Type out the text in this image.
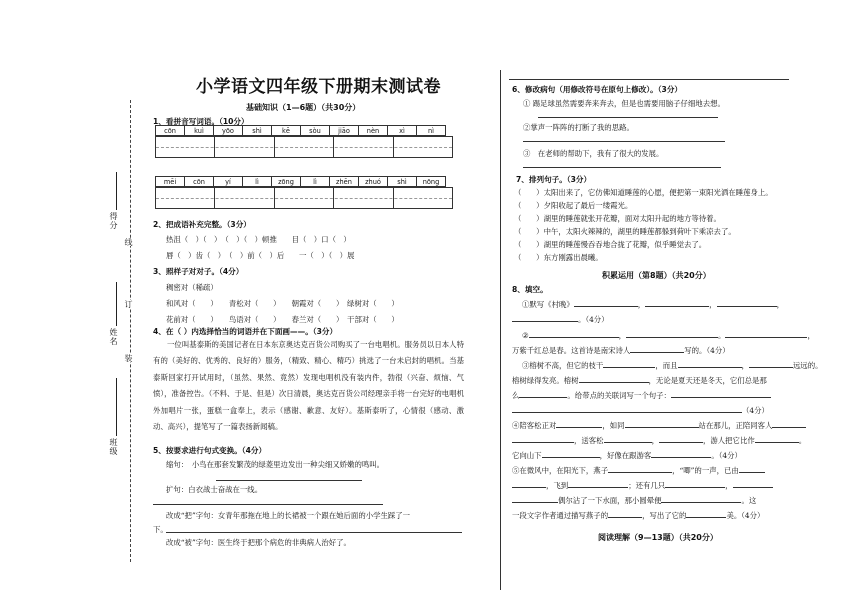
得分
姓名
班级
线
订
装
小学语文四年级下册期末测试卷
基础知识（1—6题）（共30分）
1、看拼音写词语。（10分）
cōn	kuì	yōo	shì	kē	sòu	jiāo	nèn	xì	nì
mēi	cōn	yí	lì	zōng	lì	zhēn	zhuó	shì	nōng
2、把成语补充完整。（3分）
热沮（　）（　）　（　）（　）顿推　　目（　）口（　）
唇（　）齿（　）　（　）前（　）后　　一（　）（　）展
3、照样子对对子。（4分）
稠密对（稀疏）
和风对（　　）　　青松对（　　）　　朝霞对（　　）　绿树对（　　）
花前对（　　）　　鸟语对（　　）　　春兰对（　　）　干部对（　　）
4、在（ ）内选择恰当的词语并在下面画——。（3分）
一位叫基泰斯的美国记者在日本东京奥达克百货公司购买了一台电唱机。服务员以日本人特有的（美好的、优秀的、良好的）服务，（精致、精心、精巧）挑选了一台未启封的唱机。当基泰斯回家打开试用时，（虽然、果然、竟然）发现电唱机没有装内件，勃很（兴奋、烦恼、气愤），准备控告。（不料、于是、但是）次日清晨，奥达克百货公司经理亲手将一台完好的电唱机外加唱片一张，蛋糕一盒奉上，表示（感谢、歉意、友好）。基斯泰听了，心情很（感动、激动、高兴），提笔写了一篇表扬新闻稿。
5、按要求进行句式变换。（4分）
缩句：　小鸟在那套发繁茂的绿菱里边发出一种尖细又娇嫩的鸣叫。
扩句：白衣战士奋战在一线。
改成“把”字句：女青年那拖在地上的长裙被一个跟在她后面的小学生踩了一
下。
改成“被”字句：医生终于把那个病危的非典病人治好了。
6、修改病句（用修改符号在原句上修改）。（3分）
① 踢足球虽然需要奔来奔去，但是也需要用脑子仔细地去想。
②掌声一阵阵的打断了我的思路。
③　在老师的帮助下，我有了很大的发展。
7、排列句子。（3分）
（　　）太阳出来了，它仿佛知道睡莲的心愿，便把第一束阳光洒在睡莲身上。
（　　）夕阳收起了最后一缕霞光。
（　　）湖里的睡莲就张开花瓣，面对太阳升起的地方等待着。
（　　）中午，太阳火辣辣的，湖里的睡莲都躲到荷叶下乘凉去了。
（　　）湖里的睡莲慢吞吞地合拢了花瓣，似乎睡觉去了。
（　　）东方刚露出晨曦。
积累运用（第8题）（共20分）
8、填空。
①默写《村晚》	，	，	，
。（4分）
②	，	。	，
万紫千红总是春。这首诗是南宋诗人	写的。（4分）
③榕树不高，但它的枝干	，而且	，	远远的。
榕树绿得发亮。榕树	，无论是夏天还是冬天，它们总是那
么	。给带点的关联词写一个句子：
（4分）
④陪客松正对	，如同	站在那儿，正陪同客人
，送客松	，	，游人把它比作	。
它向山下	，好像在跟游客	。（4分）
⑤在微风中，在阳光下，燕子	，“唧”的一声，已由
，飞到	；还有几只	，
偶尔沾了一下水面，那小圆晕便	。这
一段文字作者通过描写燕子的	，写出了它的	美。（4分）
阅读理解（9—13题）（共20分）
